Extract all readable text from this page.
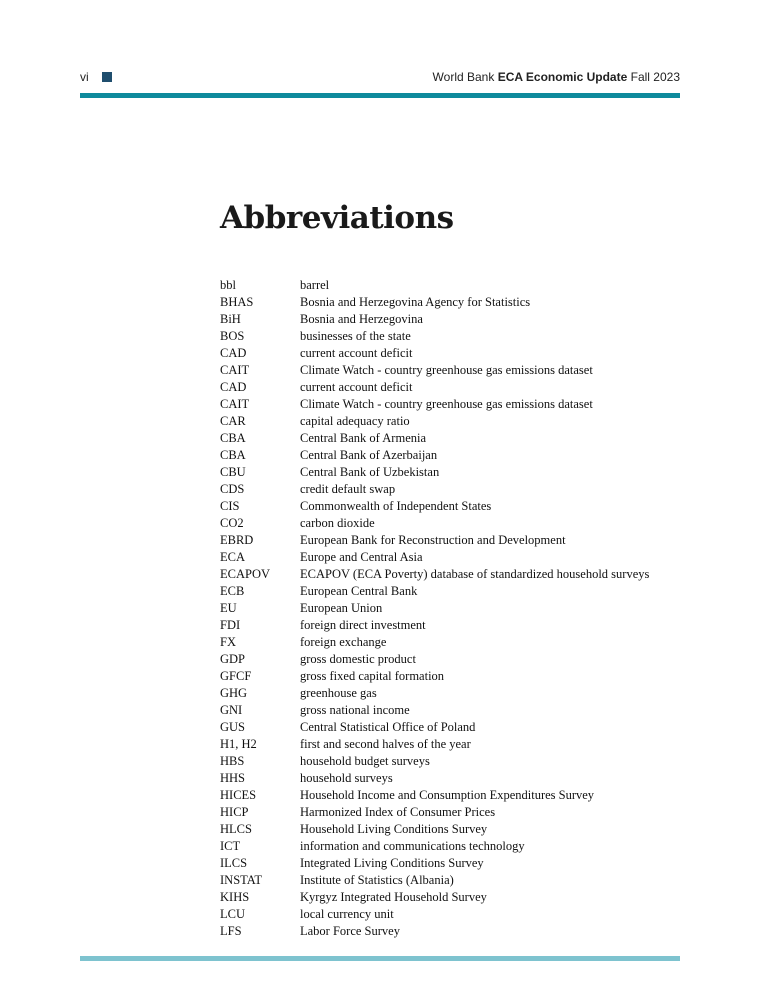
vi	World Bank ECA Economic Update Fall 2023
Abbreviations
bbl	barrel
BHAS	Bosnia and Herzegovina Agency for Statistics
BiH	Bosnia and Herzegovina
BOS	businesses of the state
CAD	current account deficit
CAIT	Climate Watch - country greenhouse gas emissions dataset
CAD	current account deficit
CAIT	Climate Watch - country greenhouse gas emissions dataset
CAR	capital adequacy ratio
CBA	Central Bank of Armenia
CBA	Central Bank of Azerbaijan
CBU	Central Bank of Uzbekistan
CDS	credit default swap
CIS	Commonwealth of Independent States
CO2	carbon dioxide
EBRD	European Bank for Reconstruction and Development
ECA	Europe and Central Asia
ECAPOV	ECAPOV (ECA Poverty) database of standardized household surveys
ECB	European Central Bank
EU	European Union
FDI	foreign direct investment
FX	foreign exchange
GDP	gross domestic product
GFCF	gross fixed capital formation
GHG	greenhouse gas
GNI	gross national income
GUS	Central Statistical Office of Poland
H1, H2	first and second halves of the year
HBS	household budget surveys
HHS	household surveys
HICES	Household Income and Consumption Expenditures Survey
HICP	Harmonized Index of Consumer Prices
HLCS	Household Living Conditions Survey
ICT	information and communications technology
ILCS	Integrated Living Conditions Survey
INSTAT	Institute of Statistics (Albania)
KIHS	Kyrgyz Integrated Household Survey
LCU	local currency unit
LFS	Labor Force Survey
